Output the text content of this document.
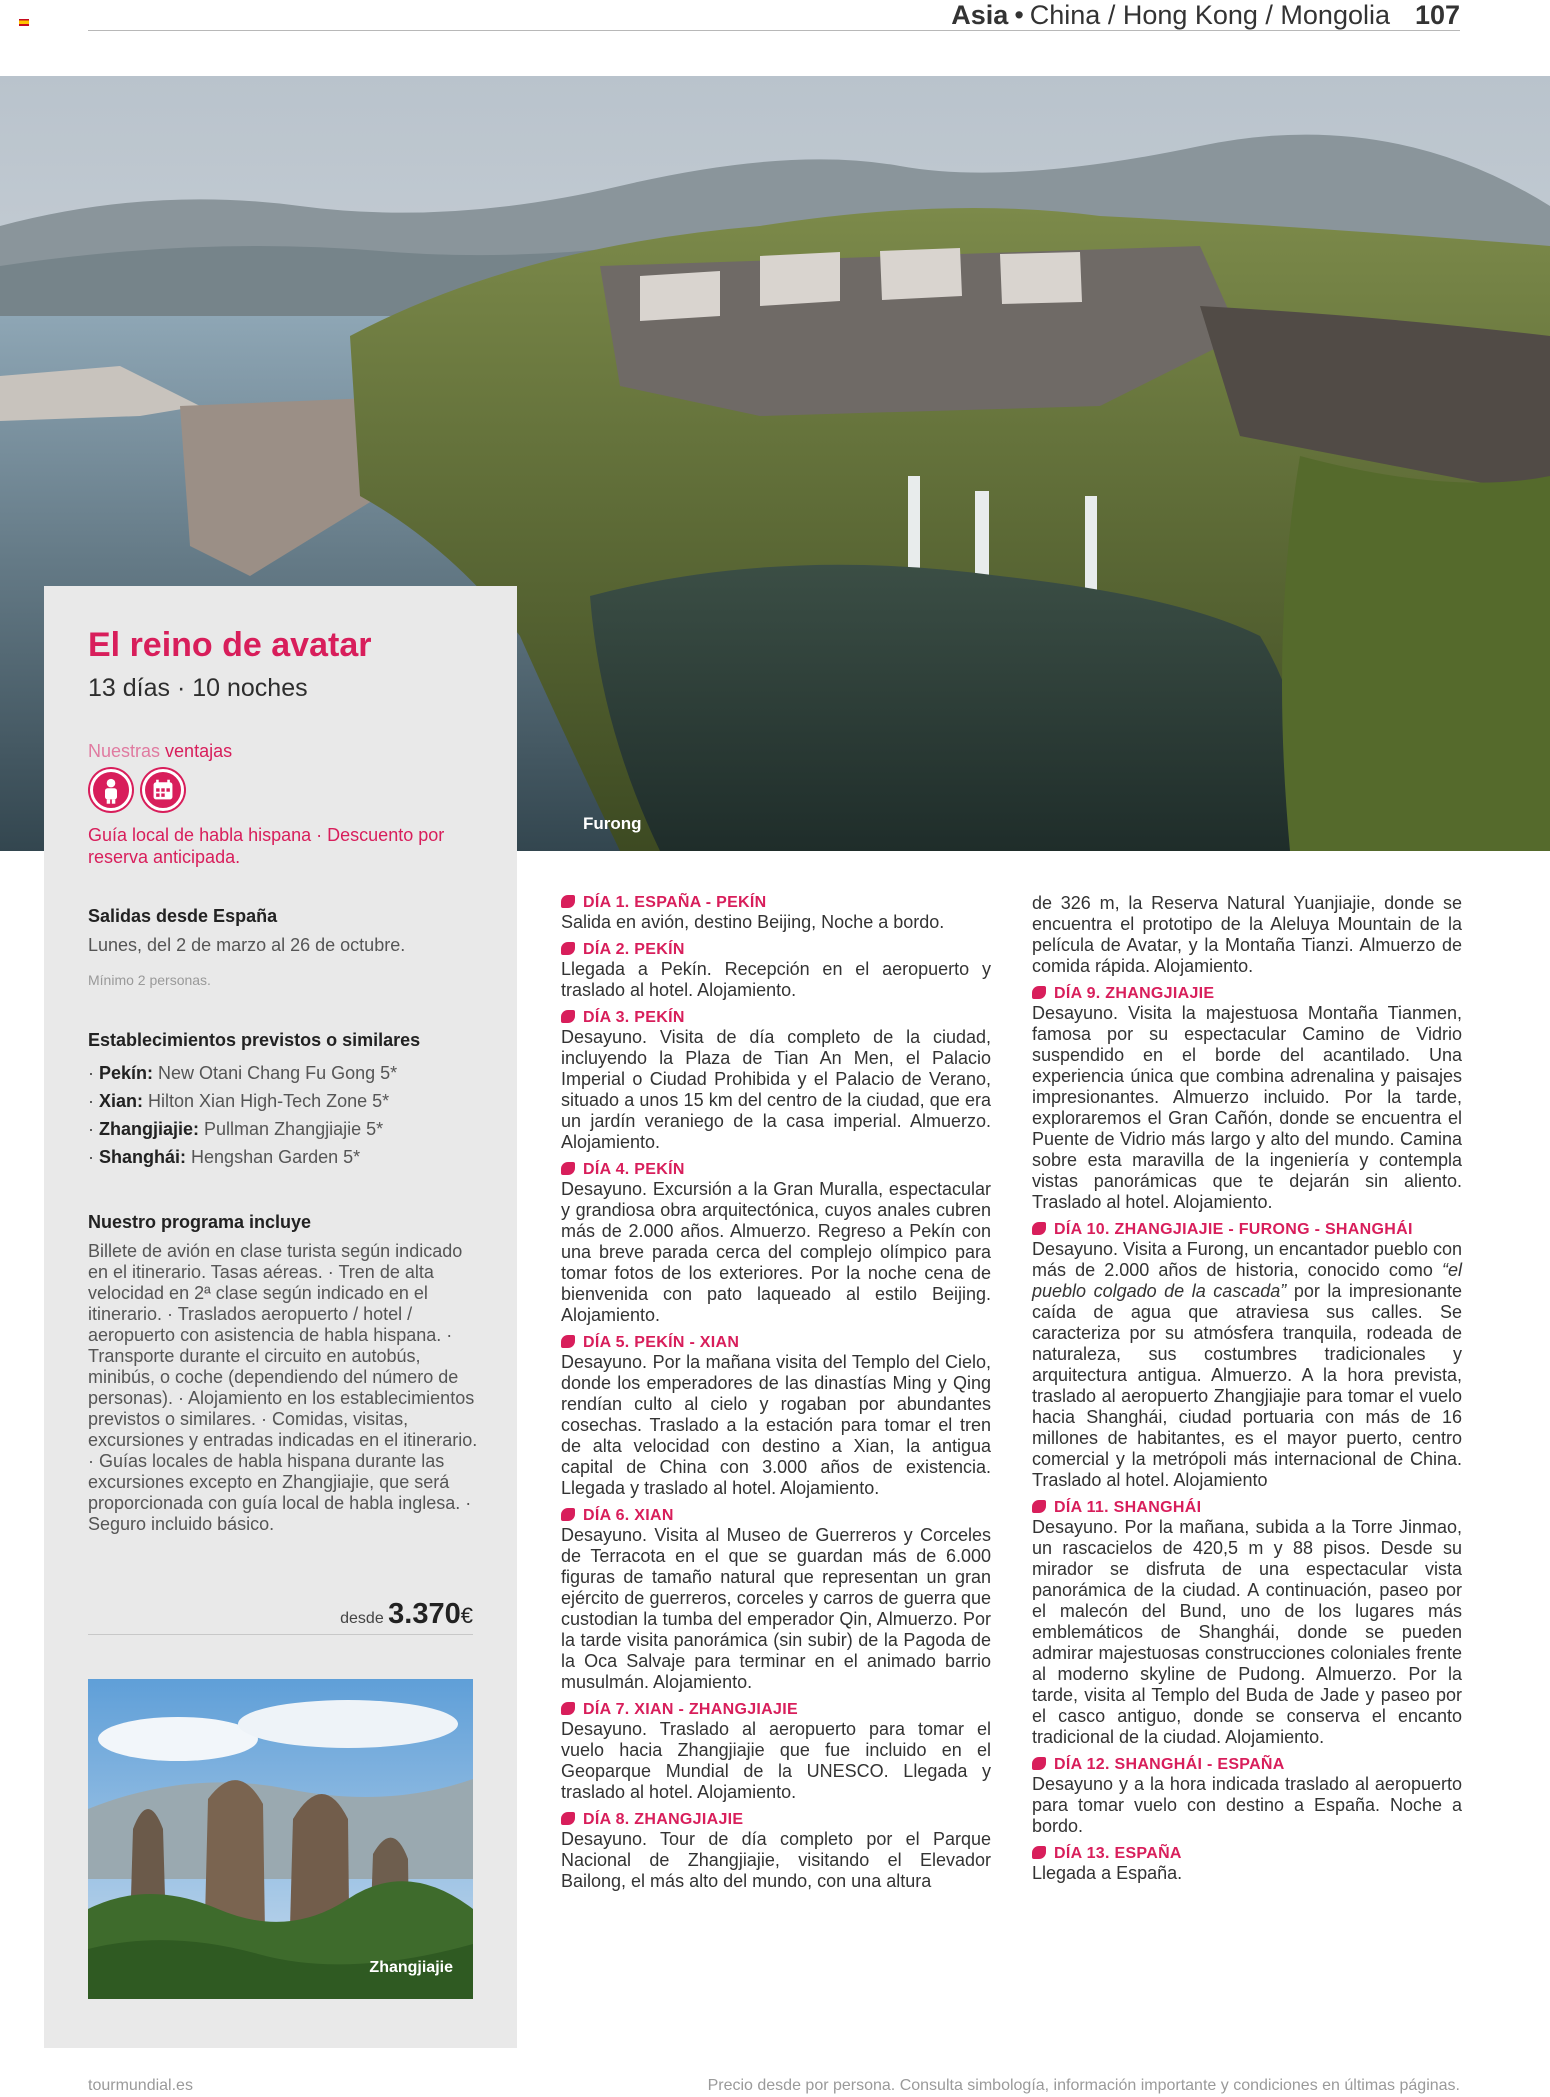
Asia • China / Hong Kong / Mongolia 107
Furong
El reino de avatar
13 días · 10 noches
Nuestras ventajas
Guía local de habla hispana · Descuento por reserva anticipada.
Salidas desde España
Lunes, del 2 de marzo al 26 de octubre.
Mínimo 2 personas.
Establecimientos previstos o similares
· Pekín: New Otani Chang Fu Gong 5*
· Xian: Hilton Xian High-Tech Zone 5*
· Zhangjiajie: Pullman Zhangjiajie 5*
· Shanghái: Hengshan Garden 5*
Nuestro programa incluye
Billete de avión en clase turista según indicado en el itinerario. Tasas aéreas. · Tren de alta velocidad en 2ª clase según indicado en el itinerario. · Traslados aeropuerto / hotel / aeropuerto con asistencia de habla hispana. · Transporte durante el circuito en autobús, minibús, o coche (dependiendo del número de personas). · Alojamiento en los establecimientos previstos o similares. · Comidas, visitas, excursiones y entradas indicadas en el itinerario. · Guías locales de habla hispana durante las excursiones excepto en Zhangjiajie, que será proporcionada con guía local de habla inglesa. · Seguro incluido básico.
desde 3.370€
Zhangjiajie
DÍA 1. ESPAÑA - PEKÍN
Salida en avión, destino Beijing, Noche a bordo.
DÍA 2. PEKÍN
Llegada a Pekín. Recepción en el aeropuerto y traslado al hotel. Alojamiento.
DÍA 3. PEKÍN
Desayuno. Visita de día completo de la ciudad, incluyendo la Plaza de Tian An Men, el Palacio Imperial o Ciudad Prohibida y el Palacio de Verano, situado a unos 15 km del centro de la ciudad, que era un jardín veraniego de la casa imperial. Almuerzo. Alojamiento.
DÍA 4. PEKÍN
Desayuno. Excursión a la Gran Muralla, espectacular y grandiosa obra arquitectónica, cuyos anales cubren más de 2.000 años. Almuerzo. Regreso a Pekín con una breve parada cerca del complejo olímpico para tomar fotos de los exteriores. Por la noche cena de bienvenida con pato laqueado al estilo Beijing. Alojamiento.
DÍA 5. PEKÍN - XIAN
Desayuno. Por la mañana visita del Templo del Cielo, donde los emperadores de las dinastías Ming y Qing rendían culto al cielo y rogaban por abundantes cosechas. Traslado a la estación para tomar el tren de alta velocidad con destino a Xian, la antigua capital de China con 3.000 años de existencia. Llegada y traslado al hotel. Alojamiento.
DÍA 6. XIAN
Desayuno. Visita al Museo de Guerreros y Corceles de Terracota en el que se guardan más de 6.000 figuras de tamaño natural que representan un gran ejército de guerreros, corceles y carros de guerra que custodian la tumba del emperador Qin, Almuerzo. Por la tarde visita panorámica (sin subir) de la Pagoda de la Oca Salvaje para terminar en el animado barrio musulmán. Alojamiento.
DÍA 7. XIAN - ZHANGJIAJIE
Desayuno. Traslado al aeropuerto para tomar el vuelo hacia Zhangjiajie que fue incluido en el Geoparque Mundial de la UNESCO. Llegada y traslado al hotel. Alojamiento.
DÍA 8. ZHANGJIAJIE
Desayuno. Tour de día completo por el Parque Nacional de Zhangjiajie, visitando el Elevador Bailong, el más alto del mundo, con una altura
de 326 m, la Reserva Natural Yuanjiajie, donde se encuentra el prototipo de la Aleluya Mountain de la película de Avatar, y la Montaña Tianzi. Almuerzo de comida rápida. Alojamiento.
DÍA 9. ZHANGJIAJIE
Desayuno. Visita la majestuosa Montaña Tianmen, famosa por su espectacular Camino de Vidrio suspendido en el borde del acantilado. Una experiencia única que combina adrenalina y paisajes impresionantes. Almuerzo incluido. Por la tarde, exploraremos el Gran Cañón, donde se encuentra el Puente de Vidrio más largo y alto del mundo. Camina sobre esta maravilla de la ingeniería y contempla vistas panorámicas que te dejarán sin aliento. Traslado al hotel. Alojamiento.
DÍA 10. ZHANGJIAJIE - FURONG - SHANGHÁI
Desayuno. Visita a Furong, un encantador pueblo con más de 2.000 años de historia, conocido como “el pueblo colgado de la cascada” por la impresionante caída de agua que atraviesa sus calles. Se caracteriza por su atmósfera tranquila, rodeada de naturaleza, sus costumbres tradicionales y arquitectura antigua. Almuerzo. A la hora prevista, traslado al aeropuerto Zhangjiajie para tomar el vuelo hacia Shanghái, ciudad portuaria con más de 16 millones de habitantes, es el mayor puerto, centro comercial y la metrópoli más internacional de China. Traslado al hotel. Alojamiento
DÍA 11. SHANGHÁI
Desayuno. Por la mañana, subida a la Torre Jinmao, un rascacielos de 420,5 m y 88 pisos. Desde su mirador se disfruta de una espectacular vista panorámica de la ciudad. A continuación, paseo por el malecón del Bund, uno de los lugares más emblemáticos de Shanghái, donde se pueden admirar majestuosas construcciones coloniales frente al moderno skyline de Pudong. Almuerzo. Por la tarde, visita al Templo del Buda de Jade y paseo por el casco antiguo, donde se conserva el encanto tradicional de la ciudad. Alojamiento.
DÍA 12. SHANGHÁI - ESPAÑA
Desayuno y a la hora indicada traslado al aeropuerto para tomar vuelo con destino a España. Noche a bordo.
DÍA 13. ESPAÑA
Llegada a España.
tourmundial.es	Precio desde por persona. Consulta simbología, información importante y condiciones en últimas páginas.
